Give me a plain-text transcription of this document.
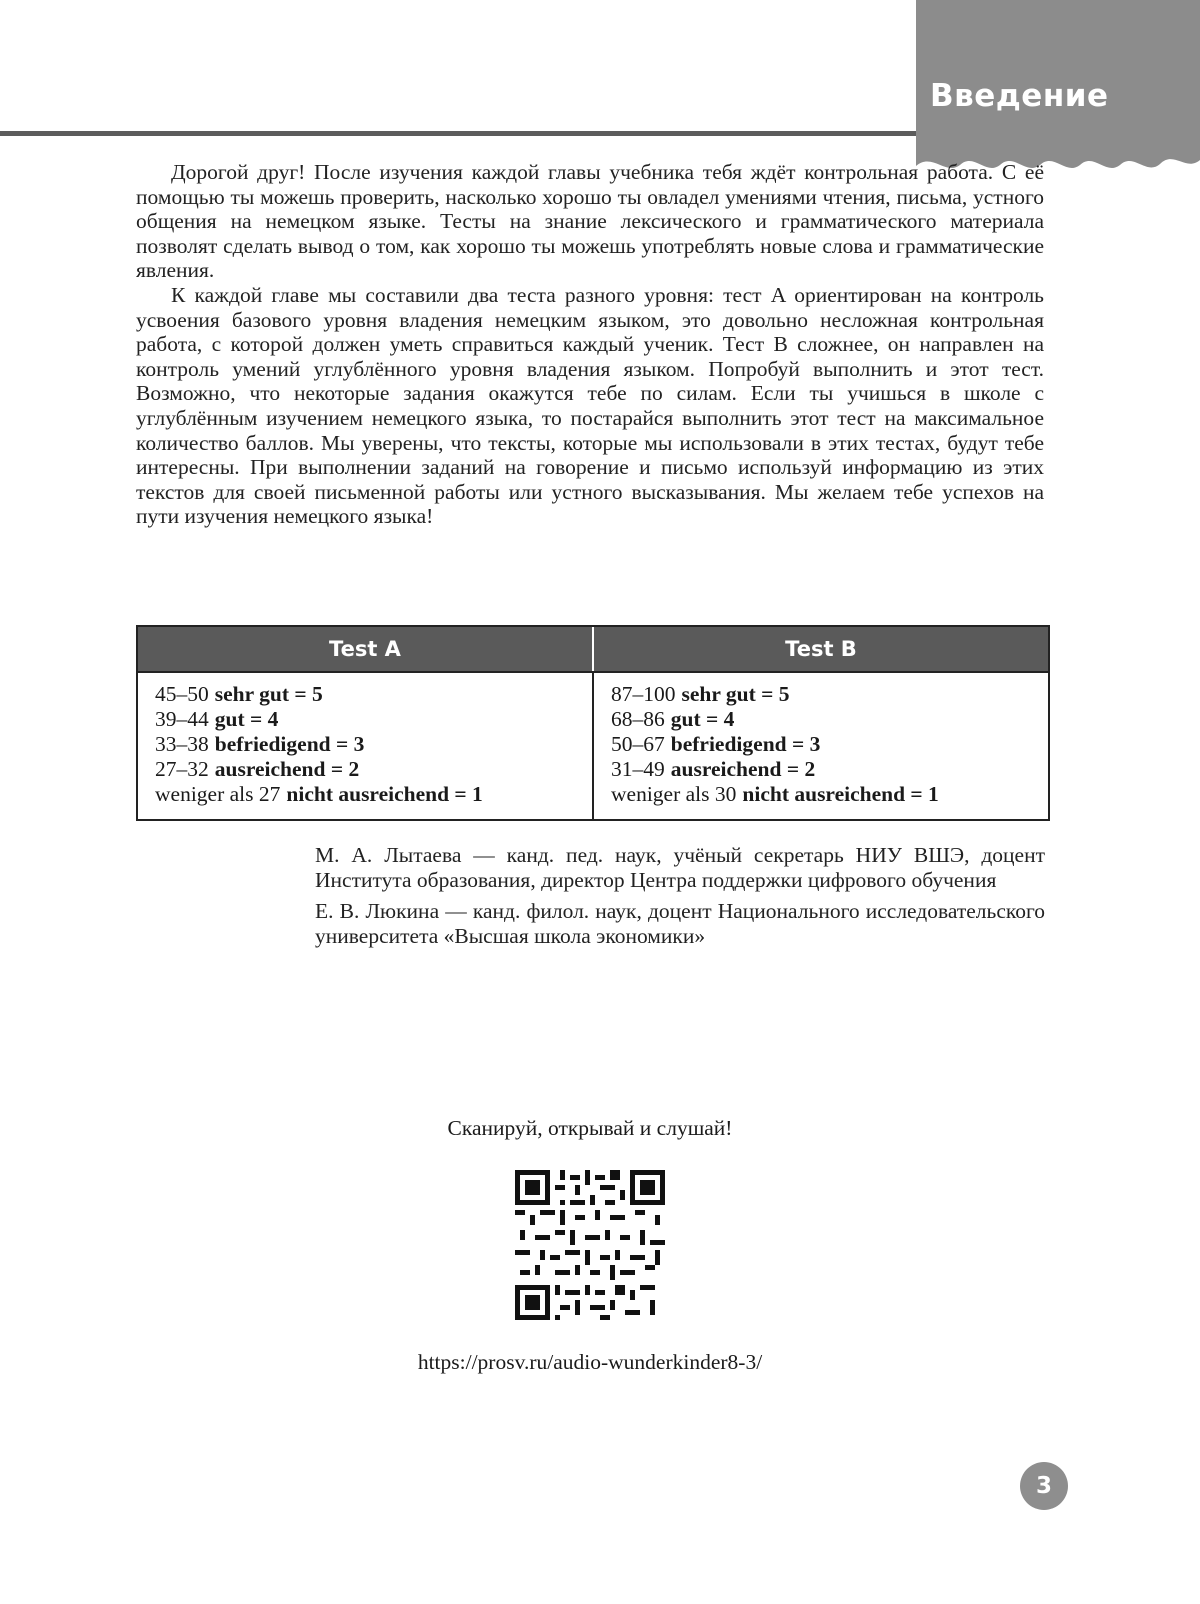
Введение

Дорогой друг! После изучения каждой главы учебника тебя ждёт контрольная работа. С её помощью ты можешь проверить, насколько хорошо ты овладел умениями чтения, письма, устного общения на немецком языке. Тесты на знание лексического и грамматического материала позволят сделать вывод о том, как хорошо ты можешь употреблять новые слова и грамматические явления.

К каждой главе мы составили два теста разного уровня: тест A ориентирован на контроль усвоения базового уровня владения немецким языком, это довольно несложная контрольная работа, с которой должен уметь справиться каждый ученик. Тест B сложнее, он направлен на контроль умений углублённого уровня владения языком. Попробуй выполнить и этот тест. Возможно, что некоторые задания окажутся тебе по силам. Если ты учишься в школе с углублённым изучением немецкого языка, то постарайся выполнить этот тест на максимальное количество баллов. Мы уверены, что тексты, которые мы использовали в этих тестах, будут тебе интересны. При выполнении заданий на говорение и письмо используй информацию из этих текстов для своей письменной работы или устного высказывания. Мы желаем тебе успехов на пути изучения немецкого языка!

Test A	Test B
45–50 sehr gut = 5
39–44 gut = 4
33–38 befriedigend = 3
27–32 ausreichend = 2
weniger als 27 nicht ausreichend = 1
87–100 sehr gut = 5
68–86 gut = 4
50–67 befriedigend = 3
31–49 ausreichend = 2
weniger als 30 nicht ausreichend = 1

М. А. Лытаева — канд. пед. наук, учёный секретарь НИУ ВШЭ, доцент Института образования, директор Центра поддержки цифрового обучения

Е. В. Люкина — канд. филол. наук, доцент Национального исследовательского университета «Высшая школа экономики»

Сканируй, открывай и слушай!
https://prosv.ru/audio-wunderkinder8-3/
3
